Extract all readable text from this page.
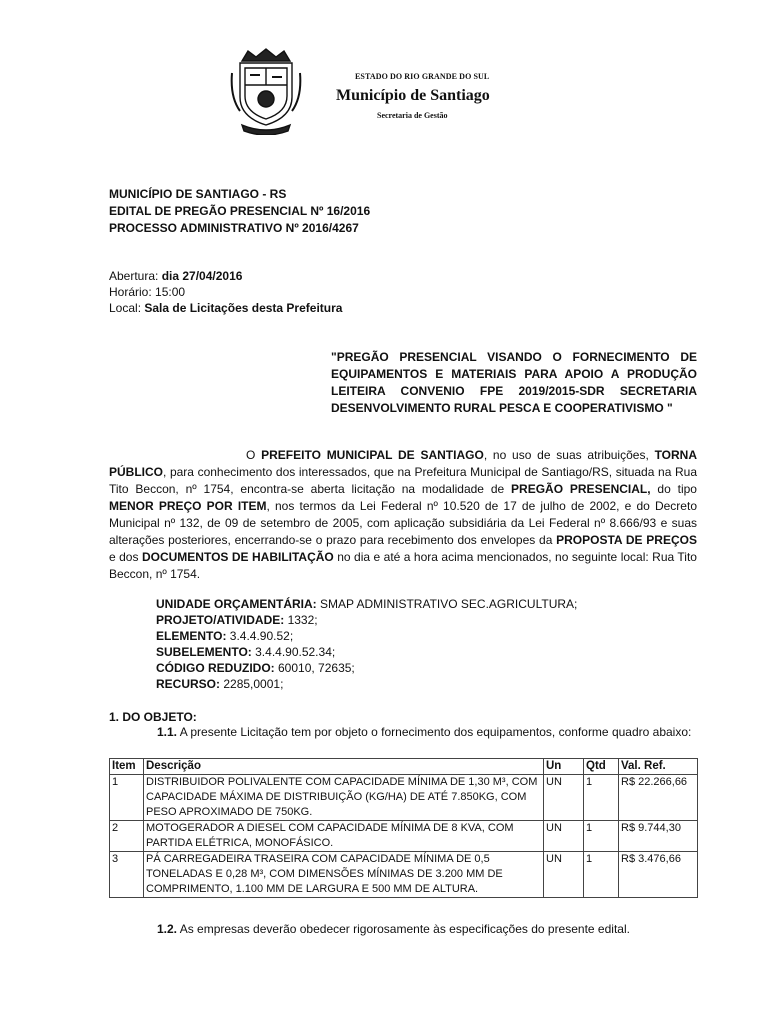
ESTADO DO RIO GRANDE DO SUL
Município de Santiago
Secretaria de Gestão
MUNICÍPIO DE SANTIAGO - RS
EDITAL DE PREGÃO PRESENCIAL Nº 16/2016
PROCESSO ADMINISTRATIVO Nº 2016/4267
Abertura: dia 27/04/2016
Horário: 15:00
Local: Sala de Licitações desta Prefeitura
"PREGÃO PRESENCIAL VISANDO O FORNECIMENTO DE EQUIPAMENTOS E MATERIAIS PARA APOIO A PRODUÇÃO LEITEIRA CONVENIO FPE 2019/2015-SDR SECRETARIA DESENVOLVIMENTO RURAL PESCA E COOPERATIVISMO "
O PREFEITO MUNICIPAL DE SANTIAGO, no uso de suas atribuições, TORNA PÚBLICO, para conhecimento dos interessados, que na Prefeitura Municipal de Santiago/RS, situada na Rua Tito Beccon, nº 1754, encontra-se aberta licitação na modalidade de PREGÃO PRESENCIAL, do tipo MENOR PREÇO POR ITEM, nos termos da Lei Federal nº 10.520 de 17 de julho de 2002, e do Decreto Municipal nº 132, de 09 de setembro de 2005, com aplicação subsidiária da Lei Federal nº 8.666/93 e suas alterações posteriores, encerrando-se o prazo para recebimento dos envelopes da PROPOSTA DE PREÇOS e dos DOCUMENTOS DE HABILITAÇÃO no dia e até a hora acima mencionados, no seguinte local: Rua Tito Beccon, nº 1754.
UNIDADE ORÇAMENTÁRIA: SMAP ADMINISTRATIVO SEC.AGRICULTURA;
PROJETO/ATIVIDADE: 1332;
ELEMENTO: 3.4.4.90.52;
SUBELEMENTO: 3.4.4.90.52.34;
CÓDIGO REDUZIDO: 60010, 72635;
RECURSO: 2285,0001;
1. DO OBJETO:
1.1. A presente Licitação tem por objeto o fornecimento dos equipamentos, conforme quadro abaixo:
Item	Descrição	Un	Qtd	Val. Ref.
1	DISTRIBUIDOR POLIVALENTE COM CAPACIDADE MÍNIMA DE 1,30 M³, COM CAPACIDADE MÁXIMA DE DISTRIBUIÇÃO (KG/HA) DE ATÉ 7.850KG, COM PESO APROXIMADO DE 750KG.	UN	1	R$ 22.266,66
2	MOTOGERADOR A DIESEL COM CAPACIDADE MÍNIMA DE 8 KVA, COM PARTIDA ELÉTRICA, MONOFÁSICO.	UN	1	R$ 9.744,30
3	PÁ CARREGADEIRA TRASEIRA COM CAPACIDADE MÍNIMA DE 0,5 TONELADAS E 0,28 M³, COM DIMENSÕES MÍNIMAS DE 3.200 MM DE COMPRIMENTO, 1.100 MM DE LARGURA E 500 MM DE ALTURA.	UN	1	R$ 3.476,66
1.2. As empresas deverão obedecer rigorosamente às especificações do presente edital.
